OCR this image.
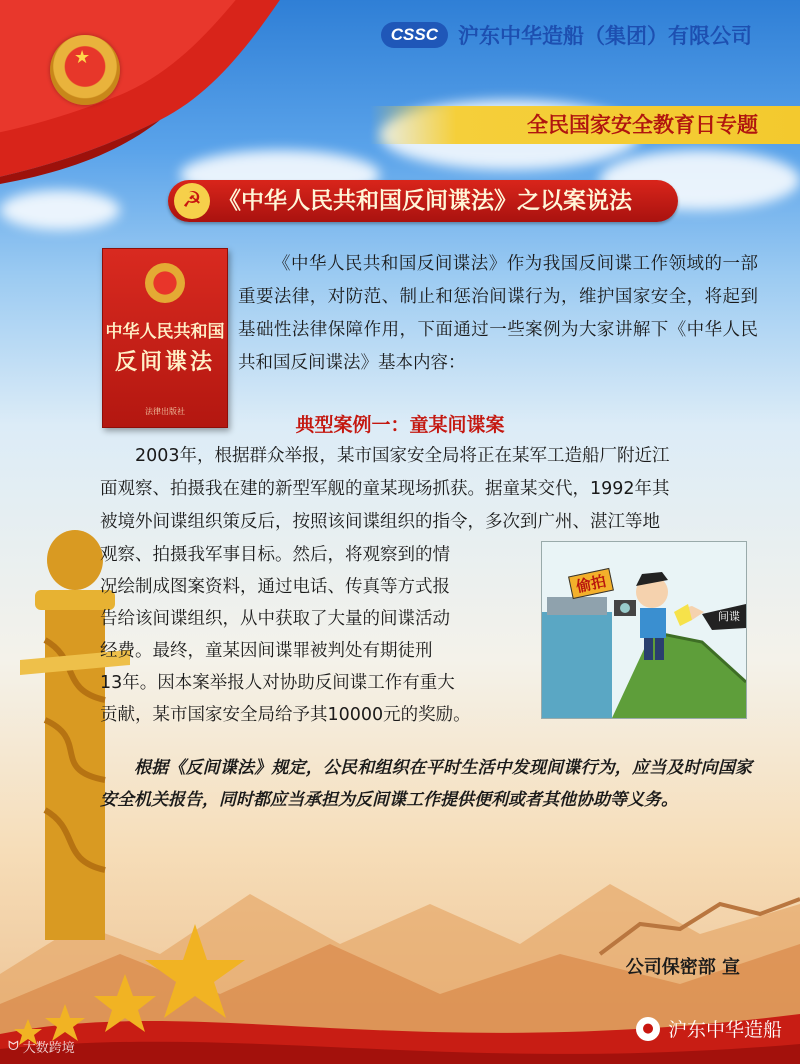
★
CSSC 沪东中华造船（集团）有限公司
全民国家安全教育日专题
☭ 《中华人民共和国反间谍法》之以案说法
中华人民共和国
反间谍法
法律出版社
《中华人民共和国反间谍法》作为我国反间谍工作领域的一部重要法律，对防范、制止和惩治间谍行为，维护国家安全，将起到基础性法律保障作用，下面通过一些案例为大家讲解下《中华人民共和国反间谍法》基本内容：
典型案例一：童某间谍案
　　2003年，根据群众举报，某市国家安全局将正在某军工造船厂附近江
面观察、拍摄我在建的新型军舰的童某现场抓获。据童某交代，1992年其
被境外间谍组织策反后，按照该间谍组织的指令，多次到广州、湛江等地
观察、拍摄我军事目标。然后，将观察到的情
况绘制成图案资料，通过电话、传真等方式报
告给该间谍组织，从中获取了大量的间谍活动
经费。最终，童某因间谍罪被判处有期徒刑
13年。因本案举报人对协助反间谍工作有重大
贡献，某市国家安全局给予其10000元的奖励。
偷拍
间谍
根据《反间谍法》规定，公民和组织在平时生活中发现间谍行为，应当及时向国家安全机关报告，同时都应当承担为反间谍工作提供便利或者其他协助等义务。
公司保密部 宣
● 沪东中华造船
ᗢ 大数跨境
